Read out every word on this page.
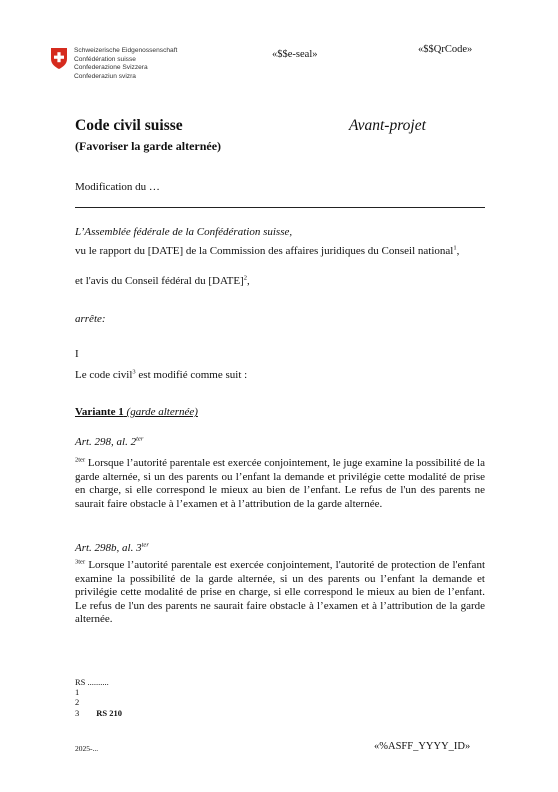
Schweizerische Eidgenossenschaft
Confédération suisse
Confederazione Svizzera
Confederaziun svizra
«$$e-seal»	«$$QrCode»
Code civil suisse
(Favoriser la garde alternée)
Avant-projet
Modification du …
L’Assemblée fédérale de la Confédération suisse,
vu le rapport du [DATE] de la Commission des affaires juridiques du Conseil national$^1$,
et l'avis du Conseil fédéral du [DATE]$^2$,
arrête:
I
Le code civil$^3$ est modifié comme suit :
Variante 1 (garde alternée)
Art. 298, al. $2^{ter}$
$^{2ter}$ Lorsque l’autorité parentale est exercée conjointement, le juge examine la possibilité de la garde alternée, si un des parents ou l’enfant la demande et privilégie cette modalité de prise en charge, si elle correspond le mieux au bien de l’enfant. Le refus de l'un des parents ne saurait faire obstacle à l’examen et à l’attribution de la garde alternée.
Art. 298b, al. $3^{ter}$
$^{3ter}$ Lorsque l’autorité parentale est exercée conjointement, l'autorité de protection de l'enfant examine la possibilité de la garde alternée, si un des parents ou l’enfant la demande et privilégie cette modalité de prise en charge, si elle correspond le mieux au bien de l’enfant. Le refus de l'un des parents ne saurait faire obstacle à l’examen et à l’attribution de la garde alternée.
RS ..........
1
2
3 RS 210
2025-...	«%ASFF_YYYY_ID»
